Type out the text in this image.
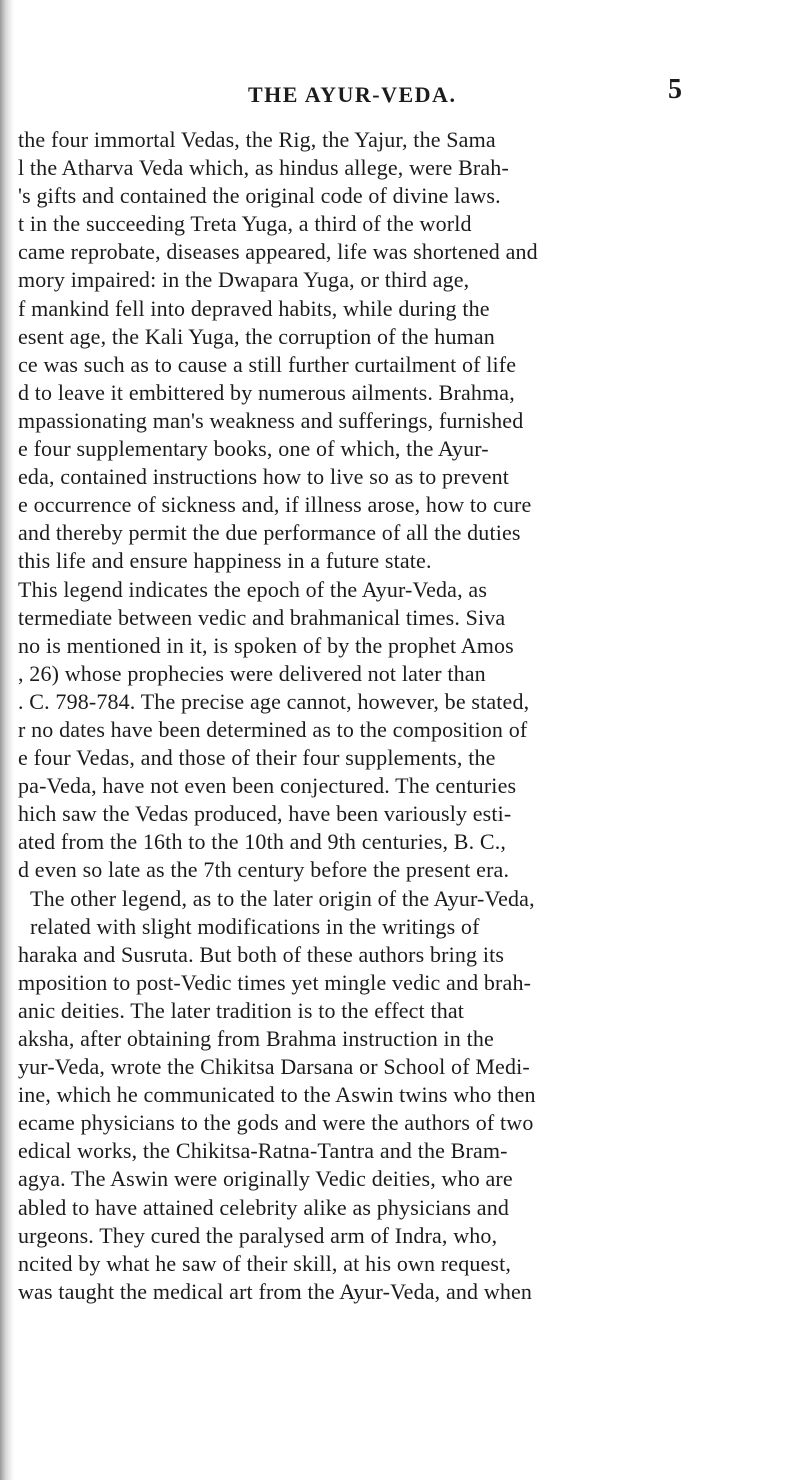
THE AYUR-VEDA.	5
the four immortal Vedas, the Rig, the Yajur, the Sama
l the Atharva Veda which, as hindus allege, were Brah-
's gifts and contained the original code of divine laws.
t in the succeeding Treta Yuga, a third of the world
came reprobate, diseases appeared, life was shortened and
mory impaired: in the Dwapara Yuga, or third age,
f mankind fell into depraved habits, while during the
esent age, the Kali Yuga, the corruption of the human
ce was such as to cause a still further curtailment of life
d to leave it embittered by numerous ailments. Brahma,
mpassionating man's weakness and sufferings, furnished
e four supplementary books, one of which, the Ayur-
eda, contained instructions how to live so as to prevent
e occurrence of sickness and, if illness arose, how to cure
and thereby permit the due performance of all the duties
this life and ensure happiness in a future state.
This legend indicates the epoch of the Ayur-Veda, as
termediate between vedic and brahmanical times. Siva
no is mentioned in it, is spoken of by the prophet Amos
, 26) whose prophecies were delivered not later than
. C. 798-784. The precise age cannot, however, be stated,
r no dates have been determined as to the composition of
e four Vedas, and those of their four supplements, the
pa-Veda, have not even been conjectured. The centuries
hich saw the Vedas produced, have been variously esti-
ated from the 16th to the 10th and 9th centuries, B. C.,
d even so late as the 7th century before the present era.
The other legend, as to the later origin of the Ayur-Veda,
related with slight modifications in the writings of
haraka and Susruta. But both of these authors bring its
mposition to post-Vedic times yet mingle vedic and brah-
anic deities. The later tradition is to the effect that
aksha, after obtaining from Brahma instruction in the
yur-Veda, wrote the Chikitsa Darsana or School of Medi-
ine, which he communicated to the Aswin twins who then
ecame physicians to the gods and were the authors of two
edical works, the Chikitsa-Ratna-Tantra and the Bram-
agya. The Aswin were originally Vedic deities, who are
abled to have attained celebrity alike as physicians and
urgeons. They cured the paralysed arm of Indra, who,
ncited by what he saw of their skill, at his own request,
was taught the medical art from the Ayur-Veda, and when
